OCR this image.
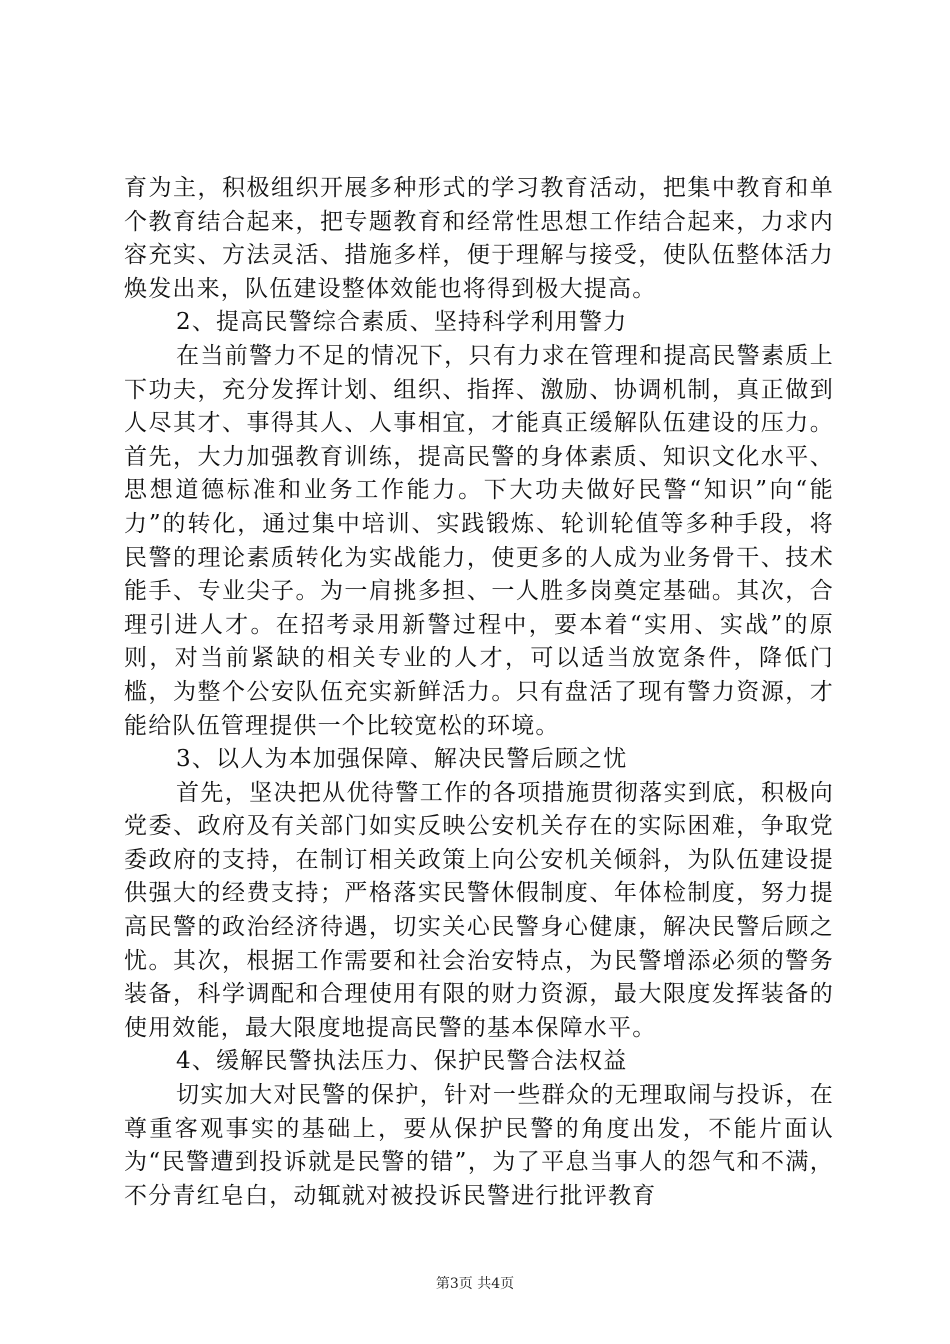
育为主，积极组织开展多种形式的学习教育活动，把集中教育和单个教育结合起来，把专题教育和经常性思想工作结合起来，力求内容充实、方法灵活、措施多样，便于理解与接受，使队伍整体活力焕发出来，队伍建设整体效能也将得到极大提高。

2、提高民警综合素质、坚持科学利用警力

在当前警力不足的情况下，只有力求在管理和提高民警素质上下功夫，充分发挥计划、组织、指挥、激励、协调机制，真正做到人尽其才、事得其人、人事相宜，才能真正缓解队伍建设的压力。首先，大力加强教育训练，提高民警的身体素质、知识文化水平、思想道德标准和业务工作能力。下大功夫做好民警“知识”向“能力”的转化，通过集中培训、实践锻炼、轮训轮值等多种手段，将民警的理论素质转化为实战能力，使更多的人成为业务骨干、技术能手、专业尖子。为一肩挑多担、一人胜多岗奠定基础。其次，合理引进人才。在招考录用新警过程中，要本着“实用、实战”的原则，对当前紧缺的相关专业的人才，可以适当放宽条件，降低门槛，为整个公安队伍充实新鲜活力。只有盘活了现有警力资源，才能给队伍管理提供一个比较宽松的环境。

3、以人为本加强保障、解决民警后顾之忧

首先，坚决把从优待警工作的各项措施贯彻落实到底，积极向党委、政府及有关部门如实反映公安机关存在的实际困难，争取党委政府的支持，在制订相关政策上向公安机关倾斜，为队伍建设提供强大的经费支持；严格落实民警休假制度、年体检制度，努力提高民警的政治经济待遇，切实关心民警身心健康，解决民警后顾之忧。其次，根据工作需要和社会治安特点，为民警增添必须的警务装备，科学调配和合理使用有限的财力资源，最大限度发挥装备的使用效能，最大限度地提高民警的基本保障水平。

4、缓解民警执法压力、保护民警合法权益

切实加大对民警的保护，针对一些群众的无理取闹与投诉，在尊重客观事实的基础上，要从保护民警的角度出发，不能片面认为“民警遭到投诉就是民警的错”，为了平息当事人的怨气和不满，不分青红皂白，动辄就对被投诉民警进行批评教育

第3页 共4页
